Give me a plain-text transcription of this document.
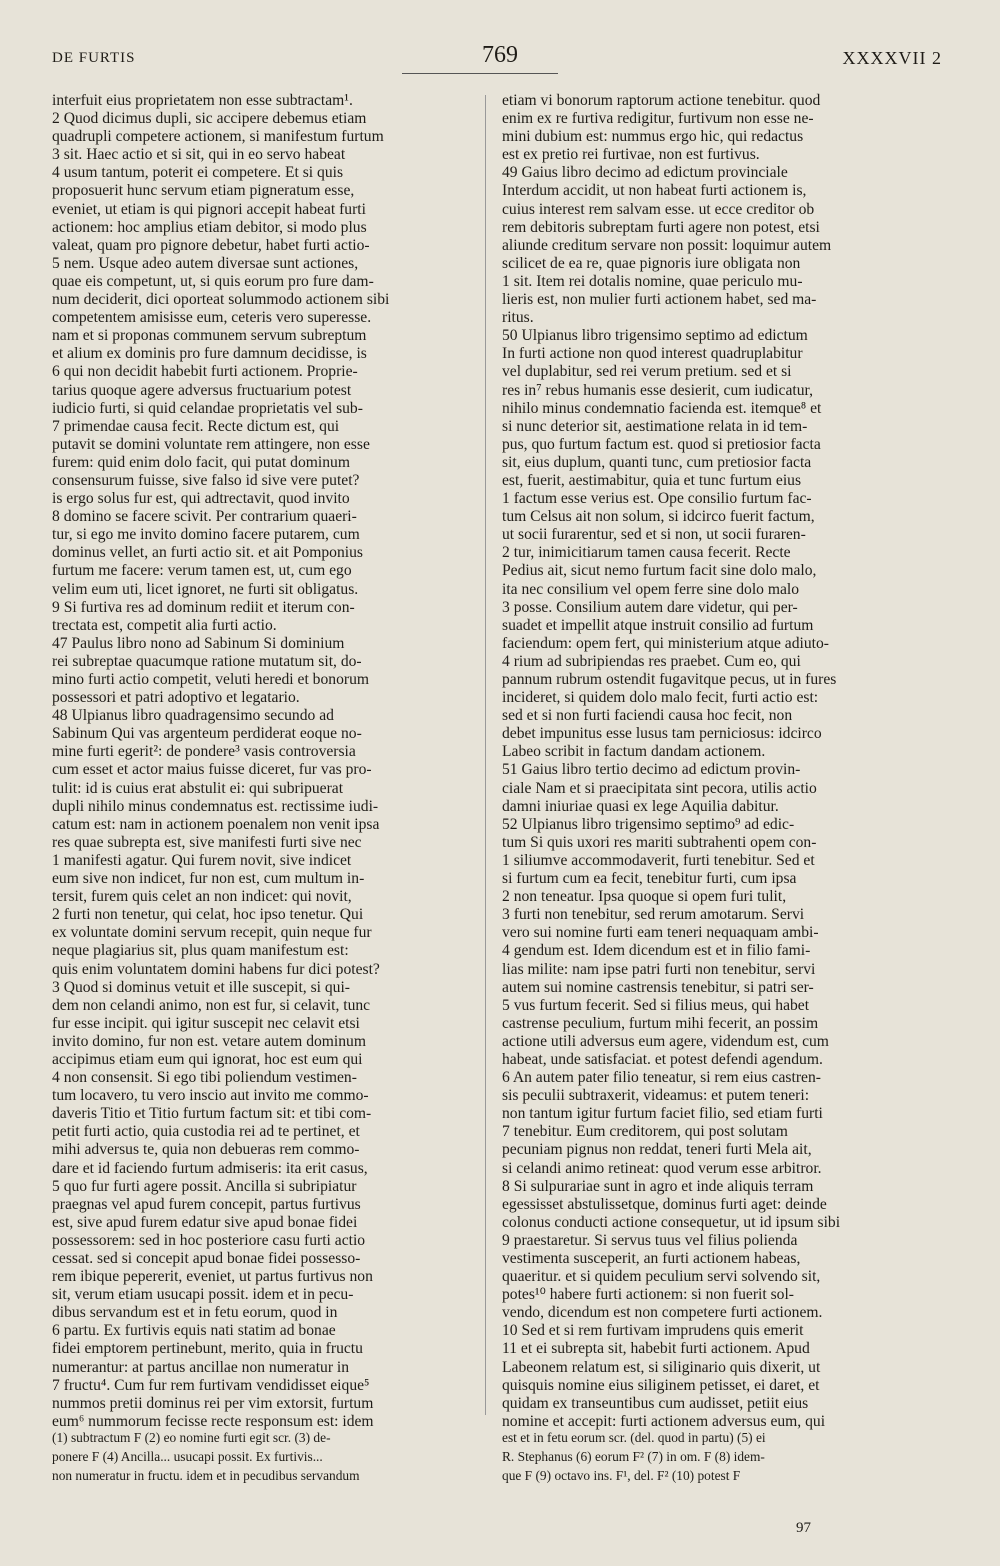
DE FURTIS	769	XXXXVII 2
interfuit eius proprietatem non esse subtractam¹.
2 Quod dicimus dupli, sic accipere debemus etiam
quadrupli competere actionem, si manifestum furtum
3 sit. Haec actio et si sit, qui in eo servo habeat
4 usum tantum, poterit ei competere. Et si quis
proposuerit hunc servum etiam pigneratum esse,
eveniet, ut etiam is qui pignori accepit habeat furti
actionem: hoc amplius etiam debitor, si modo plus
valeat, quam pro pignore debetur, habet furti actio-
5 nem. Usque adeo autem diversae sunt actiones,
quae eis competunt, ut, si quis eorum pro fure dam-
num deciderit, dici oporteat solummodo actionem sibi
competentem amisisse eum, ceteris vero superesse.
nam et si proponas communem servum subreptum
et alium ex dominis pro fure damnum decidisse, is
6 qui non decidit habebit furti actionem. Proprie-
tarius quoque agere adversus fructuarium potest
iudicio furti, si quid celandae proprietatis vel sub-
7 primendae causa fecit. Recte dictum est, qui
putavit se domini voluntate rem attingere, non esse
furem: quid enim dolo facit, qui putat dominum
consensurum fuisse, sive falso id sive vere putet?
is ergo solus fur est, qui adtrectavit, quod invito
8 domino se facere scivit. Per contrarium quaeri-
tur, si ego me invito domino facere putarem, cum
dominus vellet, an furti actio sit. et ait Pomponius
furtum me facere: verum tamen est, ut, cum ego
velim eum uti, licet ignoret, ne furti sit obligatus.
9 Si furtiva res ad dominum rediit et iterum con-
trectata est, competit alia furti actio.
47 Paulus libro nono ad Sabinum Si dominium
rei subreptae quacumque ratione mutatum sit, do-
mino furti actio competit, veluti heredi et bonorum
possessori et patri adoptivo et legatario.
48 Ulpianus libro quadragensimo secundo ad
Sabinum Qui vas argenteum perdiderat eoque no-
mine furti egerit²: de pondere³ vasis controversia
cum esset et actor maius fuisse diceret, fur vas pro-
tulit: id is cuius erat abstulit ei: qui subripuerat
dupli nihilo minus condemnatus est. rectissime iudi-
catum est: nam in actionem poenalem non venit ipsa
res quae subrepta est, sive manifesti furti sive nec
1 manifesti agatur. Qui furem novit, sive indicet
eum sive non indicet, fur non est, cum multum in-
tersit, furem quis celet an non indicet: qui novit,
2 furti non tenetur, qui celat, hoc ipso tenetur. Qui
ex voluntate domini servum recepit, quin neque fur
neque plagiarius sit, plus quam manifestum est:
quis enim voluntatem domini habens fur dici potest?
3 Quod si dominus vetuit et ille suscepit, si qui-
dem non celandi animo, non est fur, si celavit, tunc
fur esse incipit. qui igitur suscepit nec celavit etsi
invito domino, fur non est. vetare autem dominum
accipimus etiam eum qui ignorat, hoc est eum qui
4 non consensit. Si ego tibi poliendum vestimen-
tum locavero, tu vero inscio aut invito me commo-
daveris Titio et Titio furtum factum sit: et tibi com-
petit furti actio, quia custodia rei ad te pertinet, et
mihi adversus te, quia non debueras rem commo-
dare et id faciendo furtum admiseris: ita erit casus,
5 quo fur furti agere possit. Ancilla si subripiatur
praegnas vel apud furem concepit, partus furtivus
est, sive apud furem edatur sive apud bonae fidei
possessorem: sed in hoc posteriore casu furti actio
cessat. sed si concepit apud bonae fidei possesso-
rem ibique pepererit, eveniet, ut partus furtivus non
sit, verum etiam usucapi possit. idem et in pecu-
dibus servandum est et in fetu eorum, quod in
6 partu. Ex furtivis equis nati statim ad bonae
fidei emptorem pertinebunt, merito, quia in fructu
numerantur: at partus ancillae non numeratur in
7 fructu⁴. Cum fur rem furtivam vendidisset eique⁵
nummos pretii dominus rei per vim extorsit, furtum
eum⁶ nummorum fecisse recte responsum est: idem
etiam vi bonorum raptorum actione tenebitur. quod
enim ex re furtiva redigitur, furtivum non esse ne-
mini dubium est: nummus ergo hic, qui redactus
est ex pretio rei furtivae, non est furtivus.
49 Gaius libro decimo ad edictum provinciale
Interdum accidit, ut non habeat furti actionem is,
cuius interest rem salvam esse. ut ecce creditor ob
rem debitoris subreptam furti agere non potest, etsi
aliunde creditum servare non possit: loquimur autem
scilicet de ea re, quae pignoris iure obligata non
1 sit. Item rei dotalis nomine, quae periculo mu-
lieris est, non mulier furti actionem habet, sed ma-
ritus.
50 Ulpianus libro trigensimo septimo ad edictum
In furti actione non quod interest quadruplabitur
vel duplabitur, sed rei verum pretium. sed et si
res in⁷ rebus humanis esse desierit, cum iudicatur,
nihilo minus condemnatio facienda est. itemque⁸ et
si nunc deterior sit, aestimatione relata in id tem-
pus, quo furtum factum est. quod si pretiosior facta
sit, eius duplum, quanti tunc, cum pretiosior facta
est, fuerit, aestimabitur, quia et tunc furtum eius
1 factum esse verius est. Ope consilio furtum fac-
tum Celsus ait non solum, si idcirco fuerit factum,
ut socii furarentur, sed et si non, ut socii furaren-
2 tur, inimicitiarum tamen causa fecerit. Recte
Pedius ait, sicut nemo furtum facit sine dolo malo,
ita nec consilium vel opem ferre sine dolo malo
3 posse. Consilium autem dare videtur, qui per-
suadet et impellit atque instruit consilio ad furtum
faciendum: opem fert, qui ministerium atque adiuto-
4 rium ad subripiendas res praebet. Cum eo, qui
pannum rubrum ostendit fugavitque pecus, ut in fures
incideret, si quidem dolo malo fecit, furti actio est:
sed et si non furti faciendi causa hoc fecit, non
debet impunitus esse lusus tam perniciosus: idcirco
Labeo scribit in factum dandam actionem.
51 Gaius libro tertio decimo ad edictum provin-
ciale Nam et si praecipitata sint pecora, utilis actio
damni iniuriae quasi ex lege Aquilia dabitur.
52 Ulpianus libro trigensimo septimo⁹ ad edic-
tum Si quis uxori res mariti subtrahenti opem con-
1 siliumve accommodaverit, furti tenebitur. Sed et
si furtum cum ea fecit, tenebitur furti, cum ipsa
2 non teneatur. Ipsa quoque si opem furi tulit,
3 furti non tenebitur, sed rerum amotarum. Servi
vero sui nomine furti eam teneri nequaquam ambi-
4 gendum est. Idem dicendum est et in filio fami-
lias milite: nam ipse patri furti non tenebitur, servi
autem sui nomine castrensis tenebitur, si patri ser-
5 vus furtum fecerit. Sed si filius meus, qui habet
castrense peculium, furtum mihi fecerit, an possim
actione utili adversus eum agere, videndum est, cum
habeat, unde satisfaciat. et potest defendi agendum.
6 An autem pater filio teneatur, si rem eius castren-
sis peculii subtraxerit, videamus: et putem teneri:
non tantum igitur furtum faciet filio, sed etiam furti
7 tenebitur. Eum creditorem, qui post solutam
pecuniam pignus non reddat, teneri furti Mela ait,
si celandi animo retineat: quod verum esse arbitror.
8 Si sulpurariae sunt in agro et inde aliquis terram
egessisset abstulissetque, dominus furti aget: deinde
colonus conducti actione consequetur, ut id ipsum sibi
9 praestaretur. Si servus tuus vel filius polienda
vestimenta susceperit, an furti actionem habeas,
quaeritur. et si quidem peculium servi solvendo sit,
potes¹⁰ habere furti actionem: si non fuerit sol-
vendo, dicendum est non competere furti actionem.
10 Sed et si rem furtivam imprudens quis emerit
11 et ei subrepta sit, habebit furti actionem. Apud
Labeonem relatum est, si siliginario quis dixerit, ut
quisquis nomine eius siliginem petisset, ei daret, et
quidam ex transeuntibus cum audisset, petiit eius
nomine et accepit: furti actionem adversus eum, qui
(1) subtractum F (2) eo nomine furti egit scr. (3) de-
ponere F (4) Ancilla... usucapi possit. Ex furtivis...
non numeratur in fructu. idem et in pecudibus servandum
est et in fetu eorum scr. (del. quod in partu) (5) ei
R. Stephanus (6) eorum F² (7) in om. F (8) idem-
que F (9) octavo ins. F¹, del. F² (10) potest F
97
